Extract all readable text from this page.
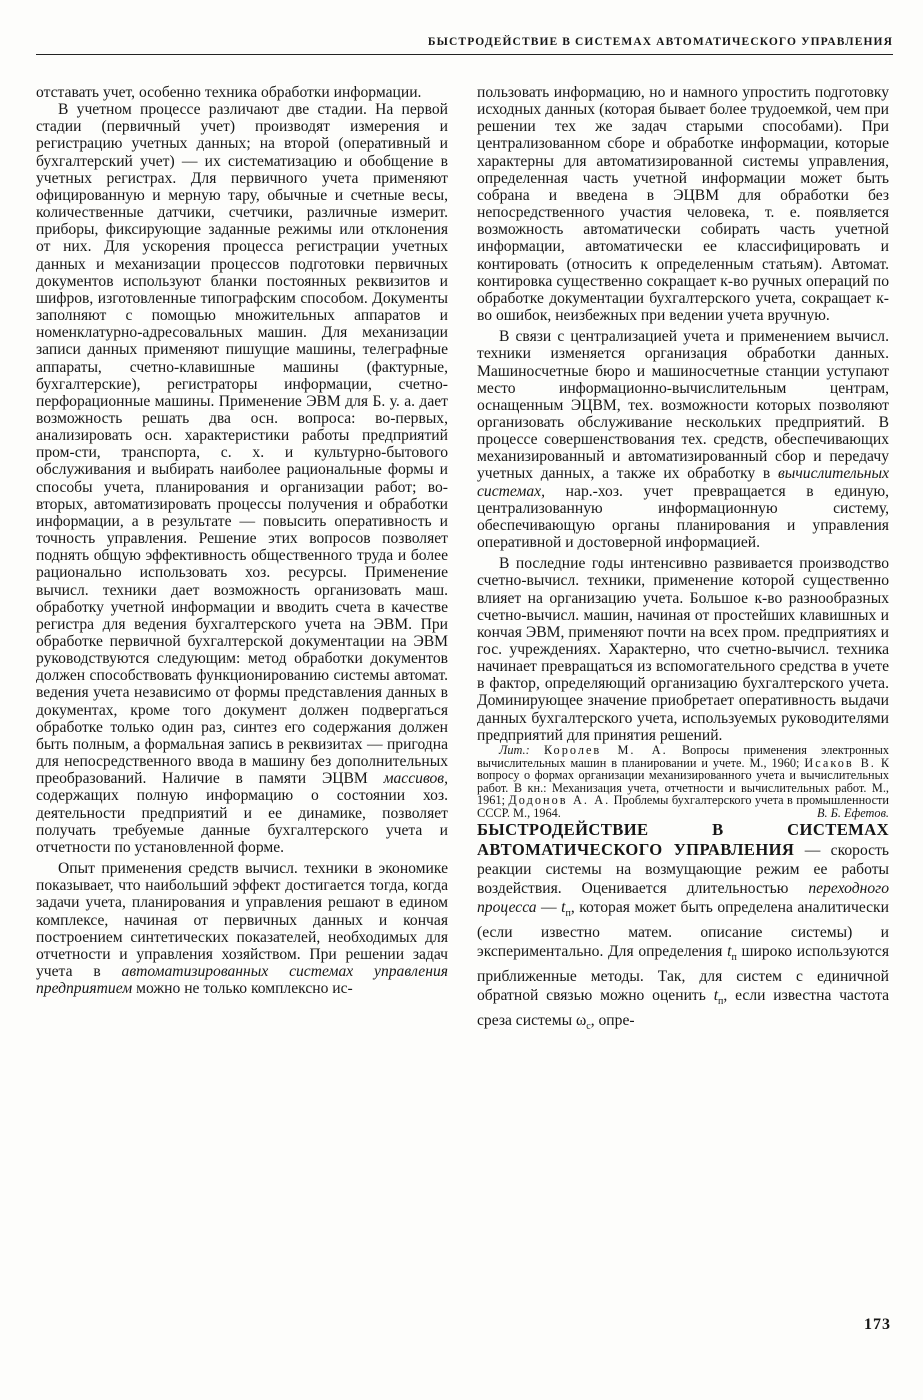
БЫСТРОДЕЙСТВИЕ В СИСТЕМАХ АВТОМАТИЧЕСКОГО УПРАВЛЕНИЯ

отставать учет, особенно техника обработки информации.

В учетном процессе различают две стадии. На первой стадии (первичный учет) производят измерения и регистрацию учетных данных; на второй (оперативный и бухгалтерский учет) — их систематизацию и обобщение в учетных регистрах. Для первичного учета применяют офицированную и мерную тару, обычные и счетные весы, количественные датчики, счетчики, различные измерит. приборы, фиксирующие заданные режимы или отклонения от них. Для ускорения процесса регистрации учетных данных и механизации процессов подготовки первичных документов используют бланки постоянных реквизитов и шифров, изготовленные типографским способом. Документы заполняют с помощью множительных аппаратов и номенклатурно-адресовальных машин. Для механизации записи данных применяют пишущие машины, телеграфные аппараты, счетно-клавишные машины (фактурные, бухгалтерские), регистраторы информации, счетно-перфорационные машины. Применение ЭВМ для Б. у. а. дает возможность решать два осн. вопроса: во-первых, анализировать осн. характеристики работы предприятий пром-сти, транспорта, с. х. и культурно-бытового обслуживания и выбирать наиболее рациональные формы и способы учета, планирования и организации работ; во-вторых, автоматизировать процессы получения и обработки информации, а в результате — повысить оперативность и точность управления. Решение этих вопросов позволяет поднять общую эффективность общественного труда и более рационально использовать хоз. ресурсы. Применение вычисл. техники дает возможность организовать маш. обработку учетной информации и вводить счета в качестве регистра для ведения бухгалтерского учета на ЭВМ. При обработке первичной бухгалтерской документации на ЭВМ руководствуются следующим: метод обработки документов должен способствовать функционированию системы автомат. ведения учета независимо от формы представления данных в документах, кроме того документ должен подвергаться обработке только один раз, синтез его содержания должен быть полным, а формальная запись в реквизитах — пригодна для непосредственного ввода в машину без дополнительных преобразований. Наличие в памяти ЭЦВМ массивов, содержащих полную информацию о состоянии хоз. деятельности предприятий и ее динамике, позволяет получать требуемые данные бухгалтерского учета и отчетности по установленной форме.

Опыт применения средств вычисл. техники в экономике показывает, что наибольший эффект достигается тогда, когда задачи учета, планирования и управления решают в едином комплексе, начиная от первичных данных и кончая построением синтетических показателей, необходимых для отчетности и управления хозяйством. При решении задач учета в автоматизированных системах управления предприятием можно не только комплексно ис-

пользовать информацию, но и намного упростить подготовку исходных данных (которая бывает более трудоемкой, чем при решении тех же задач старыми способами). При централизованном сборе и обработке информации, которые характерны для автоматизированной системы управления, определенная часть учетной информации может быть собрана и введена в ЭЦВМ для обработки без непосредственного участия человека, т. е. появляется возможность автоматически собирать часть учетной информации, автоматически ее классифицировать и контировать (относить к определенным статьям). Автомат. контировка существенно сокращает к-во ручных операций по обработке документации бухгалтерского учета, сокращает к-во ошибок, неизбежных при ведении учета вручную.

В связи с централизацией учета и применением вычисл. техники изменяется организация обработки данных. Машиносчетные бюро и машиносчетные станции уступают место информационно-вычислительным центрам, оснащенным ЭЦВМ, тех. возможности которых позволяют организовать обслуживание нескольких предприятий. В процессе совершенствования тех. средств, обеспечивающих механизированный и автоматизированный сбор и передачу учетных данных, а также их обработку в вычислительных системах, нар.-хоз. учет превращается в единую, централизованную информационную систему, обеспечивающую органы планирования и управления оперативной и достоверной информацией.

В последние годы интенсивно развивается производство счетно-вычисл. техники, применение которой существенно влияет на организацию учета. Большое к-во разнообразных счетно-вычисл. машин, начиная от простейших клавишных и кончая ЭВМ, применяют почти на всех пром. предприятиях и гос. учреждениях. Характерно, что счетно-вычисл. техника начинает превращаться из вспомогательного средства в учете в фактор, определяющий организацию бухгалтерского учета. Доминирующее значение приобретает оперативность выдачи данных бухгалтерского учета, используемых руководителями предприятий для принятия решений.

Лит.: Королев М. А. Вопросы применения электронных вычислительных машин в планировании и учете. М., 1960; Исаков В. К вопросу о формах организации механизированного учета и вычислительных работ. В кн.: Механизация учета, отчетности и вычислительных работ. М., 1961; Додонов А. А. Проблемы бухгалтерского учета в промышленности СССР. М., 1964.	В. Б. Ефетов.

БЫСТРОДЕЙСТВИЕ В СИСТЕМАХ АВТОМАТИЧЕСКОГО УПРАВЛЕНИЯ — скорость реакции системы на возмущающие режим ее работы воздействия. Оценивается длительностью переходного процесса — $t_п$, которая может быть определена аналитически (если известно матем. описание системы) и экспериментально. Для определения $t_п$ широко используются приближенные методы. Так, для систем с единичной обратной связью можно оценить $t_п$, если известна частота среза системы $\omega_с$, опре-

173
